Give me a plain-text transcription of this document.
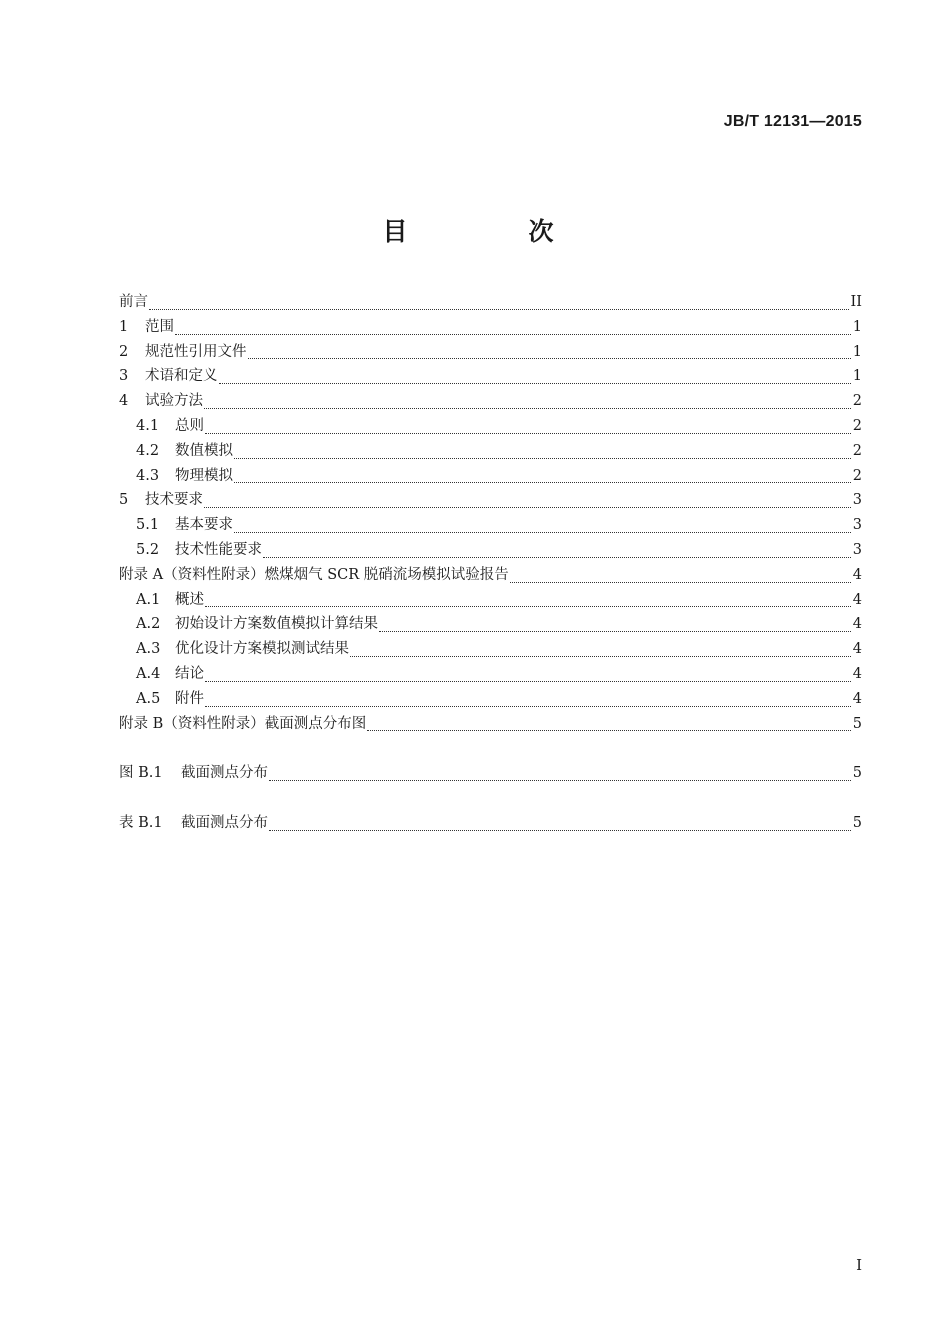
JB/T 12131—2015
目　次
前言	II
1	范围	1
2	规范性引用文件	1
3	术语和定义	1
4	试验方法	2
4.1	总则	2
4.2	数值模拟	2
4.3	物理模拟	2
5	技术要求	3
5.1	基本要求	3
5.2	技术性能要求	3
附录 A（资料性附录）燃煤烟气 SCR 脱硝流场模拟试验报告	4
A.1	概述	4
A.2	初始设计方案数值模拟计算结果	4
A.3	优化设计方案模拟测试结果	4
A.4	结论	4
A.5	附件	4
附录 B（资料性附录）截面测点分布图	5
图 B.1	截面测点分布	5
表 B.1	截面测点分布	5
I
